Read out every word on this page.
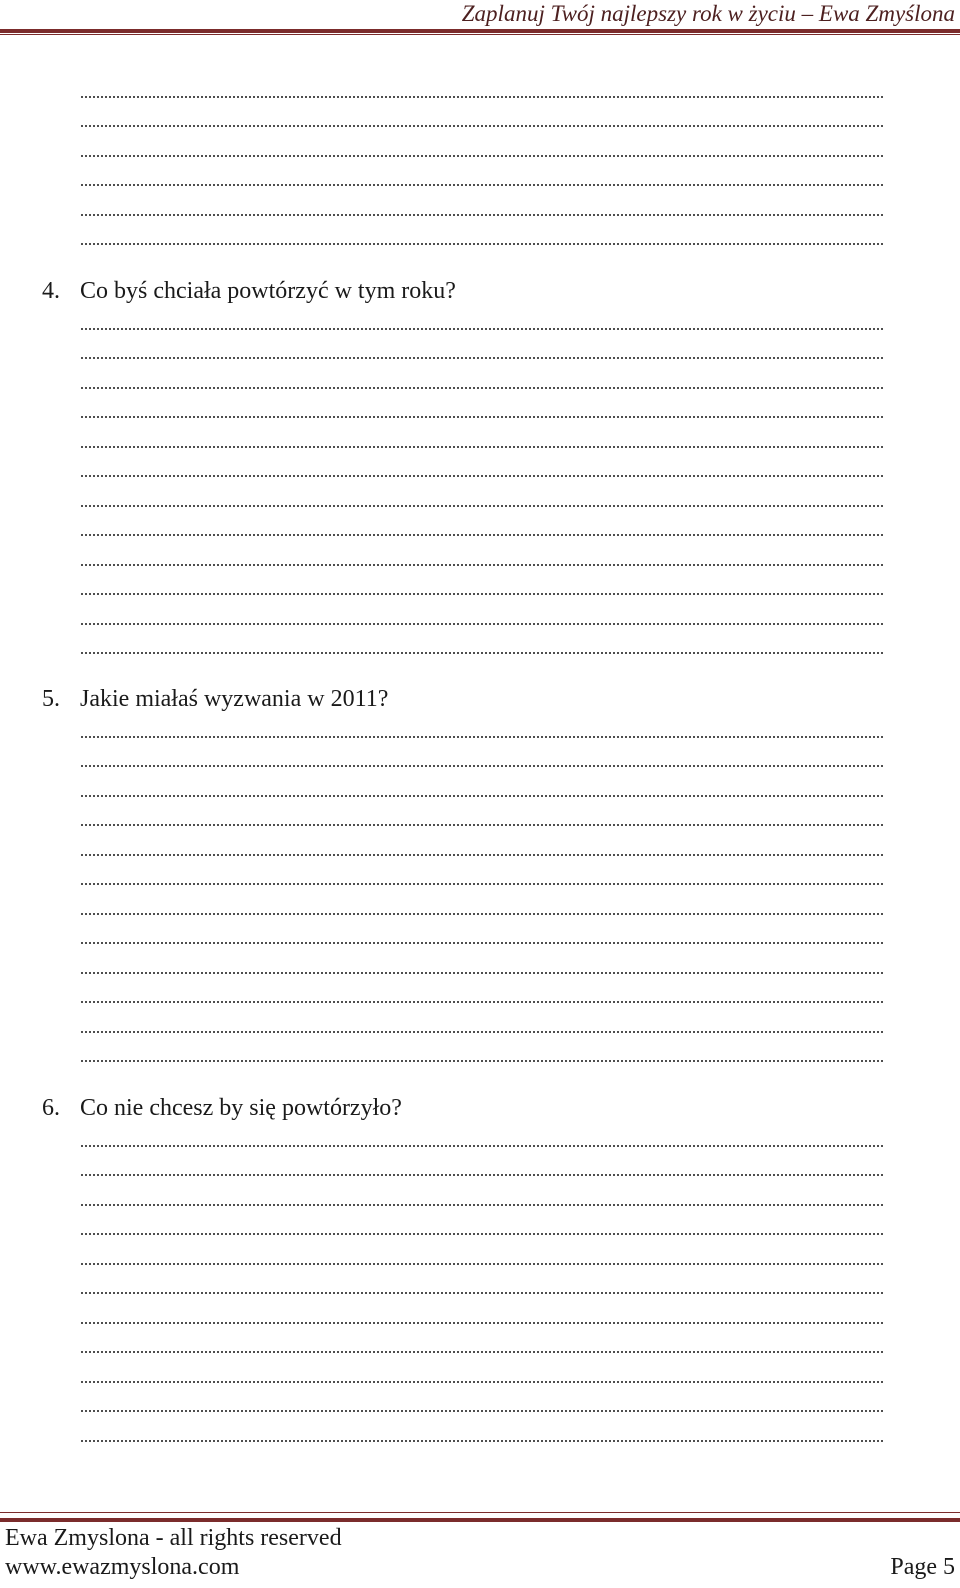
Zaplanuj Twój najlepszy rok w życiu – Ewa Zmyślona
4. Co byś chciała powtórzyć w tym roku?
5. Jakie miałaś wyzwania w 2011?
6. Co nie chcesz by się powtórzyło?
Ewa Zmyslona - all rights reserved
www.ewazmyslona.com	Page 5
